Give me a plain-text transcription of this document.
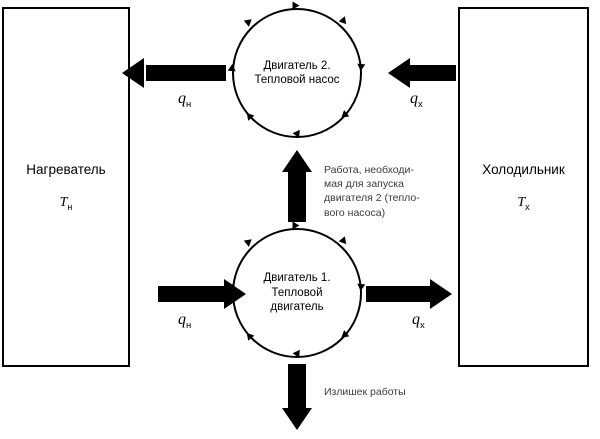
Нагреватель
$T_н$
Холодильник
$T_х$
Двигатель 2. Тепловой насос
Двигатель 1. Тепловой двигатель
$q_н$	$q_х$
Работа, необходи-мая для запуска двигателя 2 (тепло-вого насоса)
$q_н$	$q_х$
Излишек работы
